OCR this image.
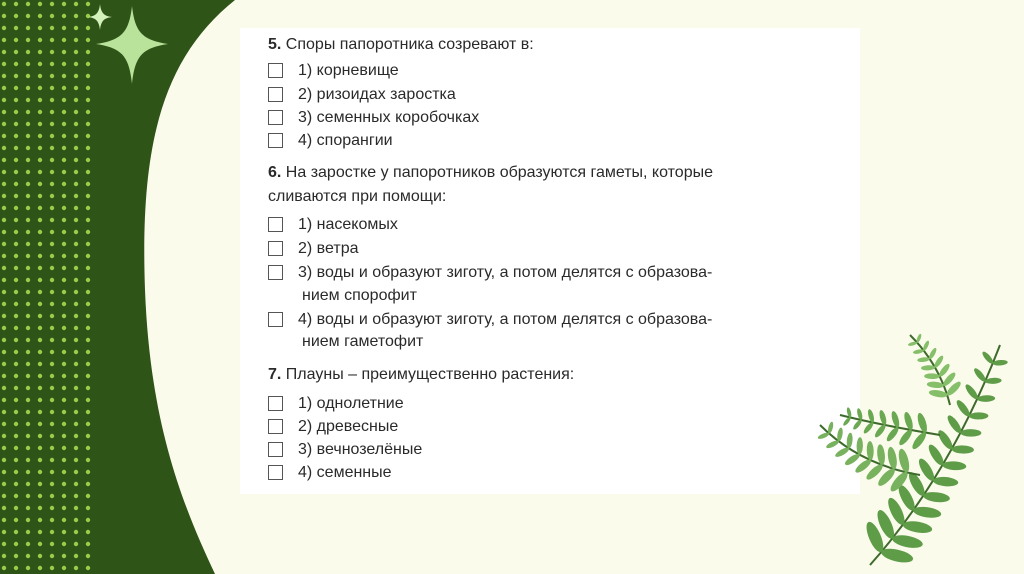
5. Споры папоротника созревают в:
1) корневище
2) ризоидах заростка
3) семенных коробочках
4) спорангии
6. На заростке у папоротников образуются гаметы, которые
сливаются при помощи:
1) насекомых
2) ветра
3) воды и образуют зиготу, а потом делятся с образова-
нием спорофит
4) воды и образуют зиготу, а потом делятся с образова-
нием гаметофит
7. Плауны – преимущественно растения:
1) однолетние
2) древесные
3) вечнозелёные
4) семенные
